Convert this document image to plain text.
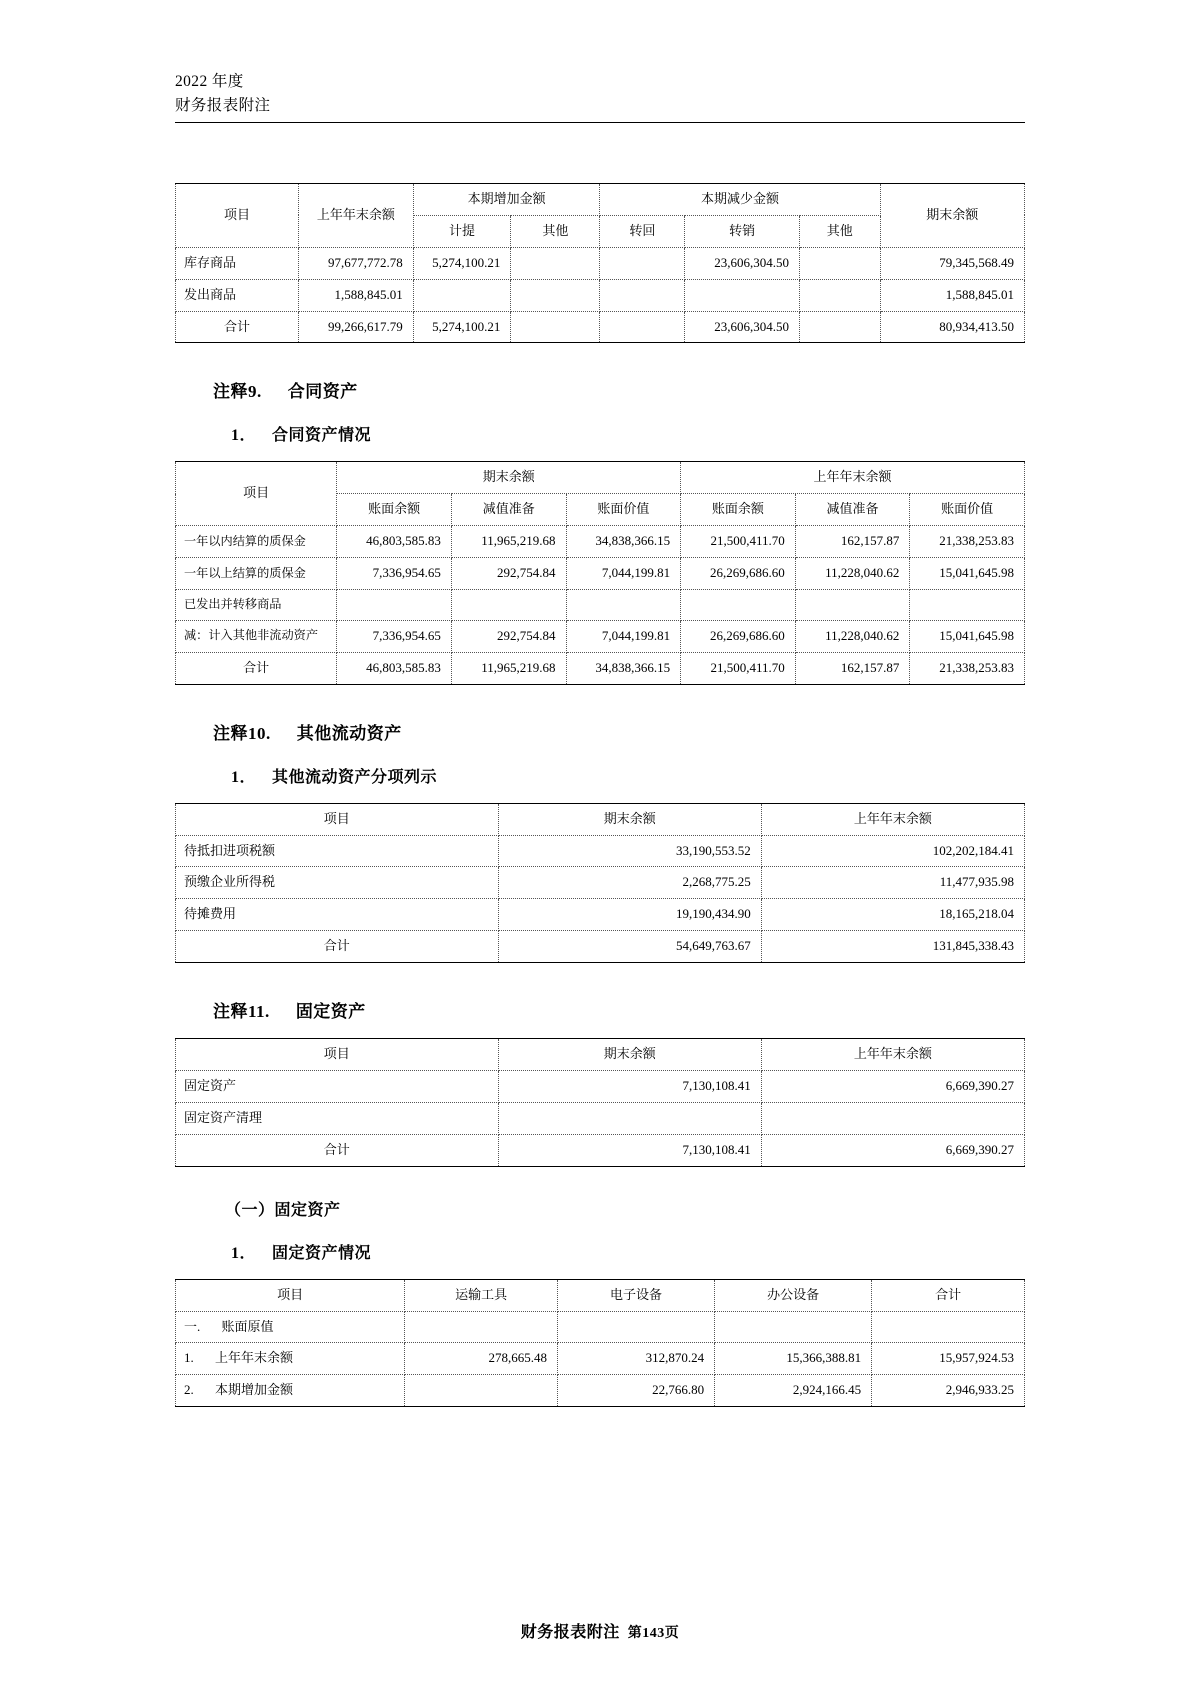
2022 年度
财务报表附注
项目	上年年末余额	本期增加金额		本期减少金额			期末余额
		计提	其他	转回	转销	其他	
库存商品	97,677,772.78	5,274,100.21			23,606,304.50		79,345,568.49
发出商品	1,588,845.01						1,588,845.01
合计	99,266,617.79	5,274,100.21			23,606,304.50		80,934,413.50
注释9. 合同资产
1． 合同资产情况
项目	期末余额			上年年末余额		
	账面余额	减值准备	账面价值	账面余额	减值准备	账面价值
一年以内结算的质保金	46,803,585.83	11,965,219.68	34,838,366.15	21,500,411.70	162,157.87	21,338,253.83
一年以上结算的质保金	7,336,954.65	292,754.84	7,044,199.81	26,269,686.60	11,228,040.62	15,041,645.98
已发出并转移商品						
减：计入其他非流动资产	7,336,954.65	292,754.84	7,044,199.81	26,269,686.60	11,228,040.62	15,041,645.98
合计	46,803,585.83	11,965,219.68	34,838,366.15	21,500,411.70	162,157.87	21,338,253.83
注释10. 其他流动资产
1． 其他流动资产分项列示
项目	期末余额	上年年末余额
待抵扣进项税额	33,190,553.52	102,202,184.41
预缴企业所得税	2,268,775.25	11,477,935.98
待摊费用	19,190,434.90	18,165,218.04
合计	54,649,763.67	131,845,338.43
注释11. 固定资产
项目	期末余额	上年年末余额
固定资产	7,130,108.41	6,669,390.27
固定资产清理		
合计	7,130,108.41	6,669,390.27
（一）固定资产
1． 固定资产情况
项目	运输工具	电子设备	办公设备	合计
一. 账面原值				
1. 上年年末余额	278,665.48	312,870.24	15,366,388.81	15,957,924.53
2. 本期增加金额		22,766.80	2,924,166.45	2,946,933.25
财务报表附注 第143页
